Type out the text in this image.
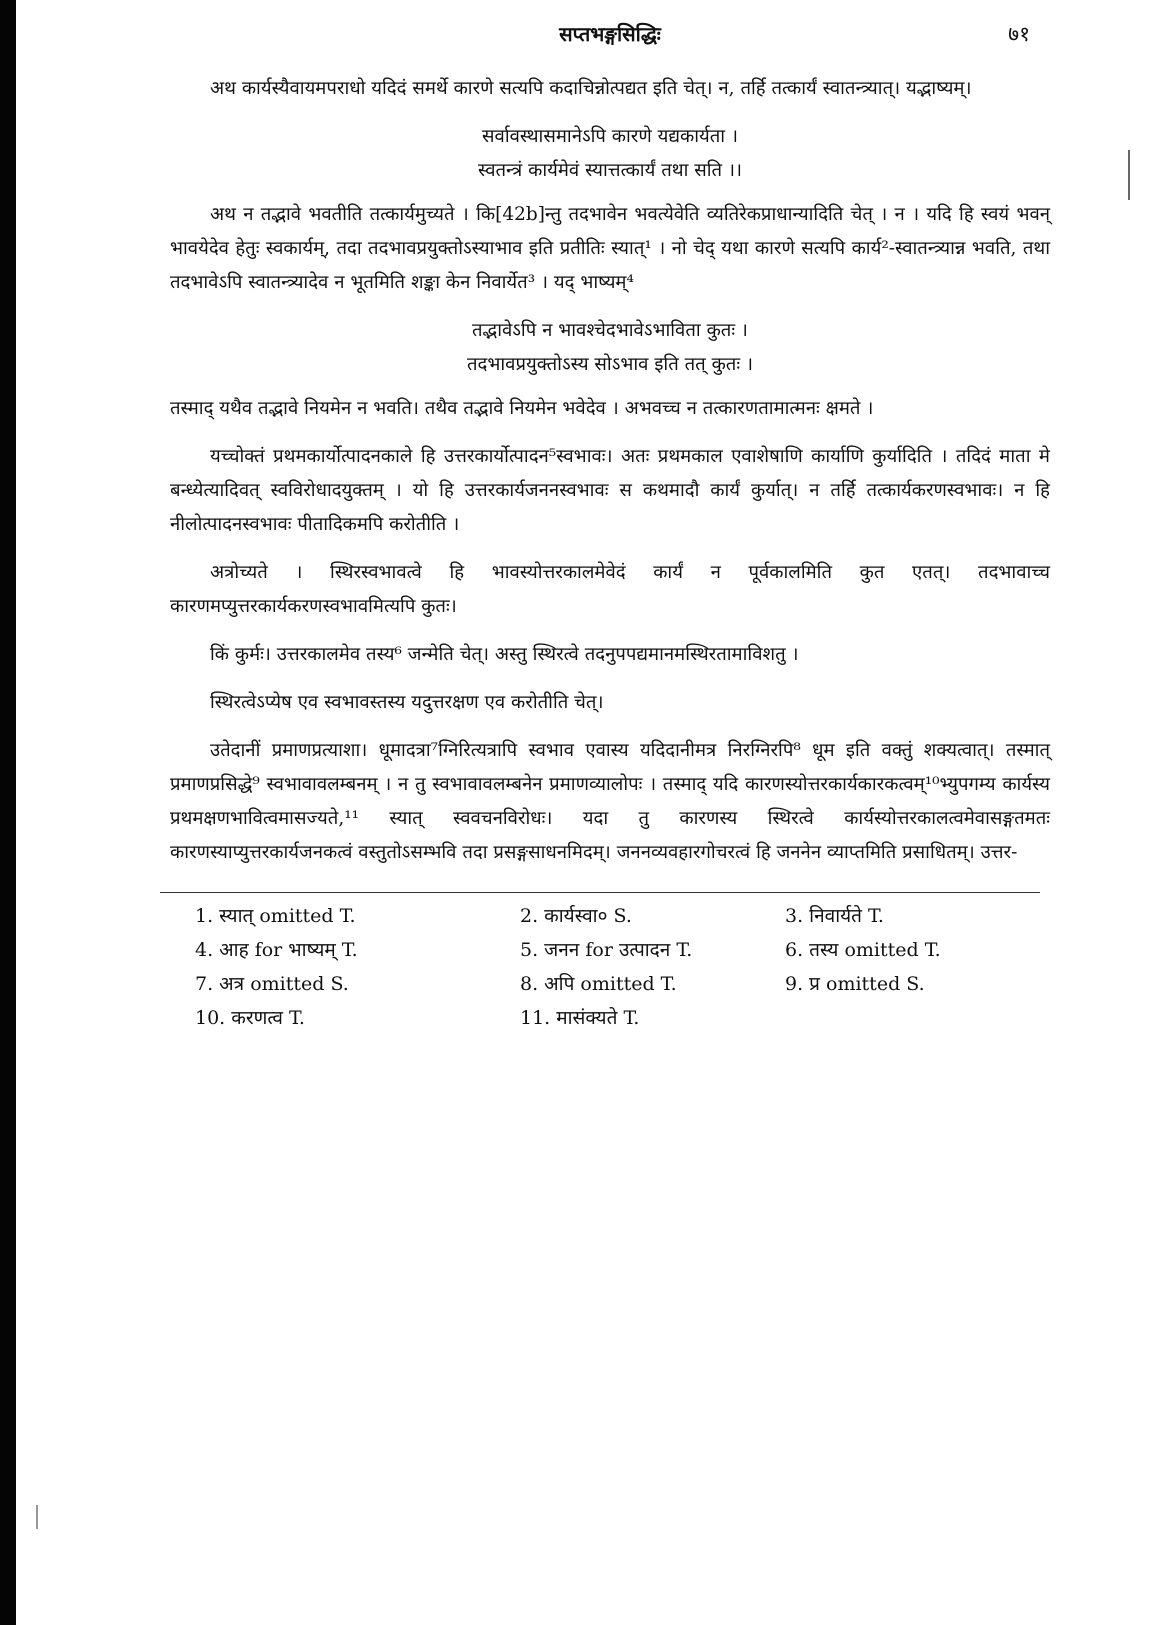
सप्तभङ्गसिद्धिः	७१

अथ कार्यस्यैवायमपराधो यदिदं समर्थे कारणे सत्यपि कदाचिन्नोत्पद्यत इति चेत्। न, तर्हि तत्कार्यं स्वातन्त्र्यात्। यद्भाष्यम्।

सर्वावस्थासमानेऽपि कारणे यद्यकार्यता ।
स्वतन्त्रं कार्यमेवं स्यात्तत्कार्यं तथा सति ।।

अथ न तद्भावे भवतीति तत्कार्यमुच्यते । कि[42b]न्तु तदभावेन भवत्येवेति व्यतिरेकप्राधान्यादिति चेत् । न । यदि हि स्वयं भवन् भावयेदेव हेतुः स्वकार्यम्, तदा तदभावप्रयुक्तोऽस्याभाव इति प्रतीतिः स्यात्¹ । नो चेद् यथा कारणे सत्यपि कार्य²-स्वातन्त्र्यान्न भवति, तथा तदभावेऽपि स्वातन्त्र्यादेव न भूतमिति शङ्का केन निवार्येत³ । यद् भाष्यम्⁴

तद्भावेऽपि न भावश्चेदभावेऽभाविता कुतः ।
तदभावप्रयुक्तोऽस्य सोऽभाव इति तत् कुतः ।

तस्माद् यथैव तद्भावे नियमेन न भवति। तथैव तद्भावे नियमेन भवेदेव । अभवच्च न तत्कारणतामात्मनः क्षमते ।

यच्चोक्तं प्रथमकार्योत्पादनकाले हि उत्तरकार्योत्पादन⁵स्वभावः। अतः प्रथमकाल एवाशेषाणि कार्याणि कुर्यादिति । तदिदं माता मे बन्ध्येत्यादिवत् स्वविरोधादयुक्तम् । यो हि उत्तरकार्यजननस्वभावः स कथमादौ कार्यं कुर्यात्। न तर्हि तत्कार्यकरणस्वभावः। न हि नीलोत्पादनस्वभावः पीतादिकमपि करोतीति ।

अत्रोच्यते । स्थिरस्वभावत्वे हि भावस्योत्तरकालमेवेदं कार्यं न पूर्वकालमिति कुत एतत्। तदभावाच्च कारणमप्युत्तरकार्यकरणस्वभावमित्यपि कुतः।

किं कुर्मः। उत्तरकालमेव तस्य⁶ जन्मेति चेत्। अस्तु स्थिरत्वे तदनुपपद्यमानमस्थिरतामाविशतु ।

स्थिरत्वेऽप्येष एव स्वभावस्तस्य यदुत्तरक्षण एव करोतीति चेत्।

उतेदानीं प्रमाणप्रत्याशा। धूमादत्रा⁷ग्निरित्यत्रापि स्वभाव एवास्य यदिदानीमत्र निरग्निरपि⁸ धूम इति वक्तुं शक्यत्वात्। तस्मात् प्रमाणप्रसिद्धे⁹ स्वभावावलम्बनम् । न तु स्वभावावलम्बनेन प्रमाणव्यालोपः । तस्माद् यदि कारणस्योत्तरकार्यकारकत्वम्¹⁰भ्युपगम्य कार्यस्य प्रथमक्षणभावित्वमासज्यते,¹¹ स्यात् स्ववचनविरोधः। यदा तु कारणस्य स्थिरत्वे कार्यस्योत्तरकालत्वमेवासङ्गतमतः कारणस्याप्युत्तरकार्यजनकत्वं वस्तुतोऽसम्भवि तदा प्रसङ्गसाधनमिदम्। जननव्यवहारगोचरत्वं हि जननेन व्याप्तमिति प्रसाधितम्। उत्तर-

1. स्यात् omitted T.	2. कार्यस्वा० S.	3. निवार्यते T.
4. आह for भाष्यम् T.	5. जनन for उत्पादन T.	6. तस्य omitted T.
7. अत्र omitted S.	8. अपि omitted T.	9. प्र omitted S.
10. करणत्व T.	11. मासंक्यते T.
